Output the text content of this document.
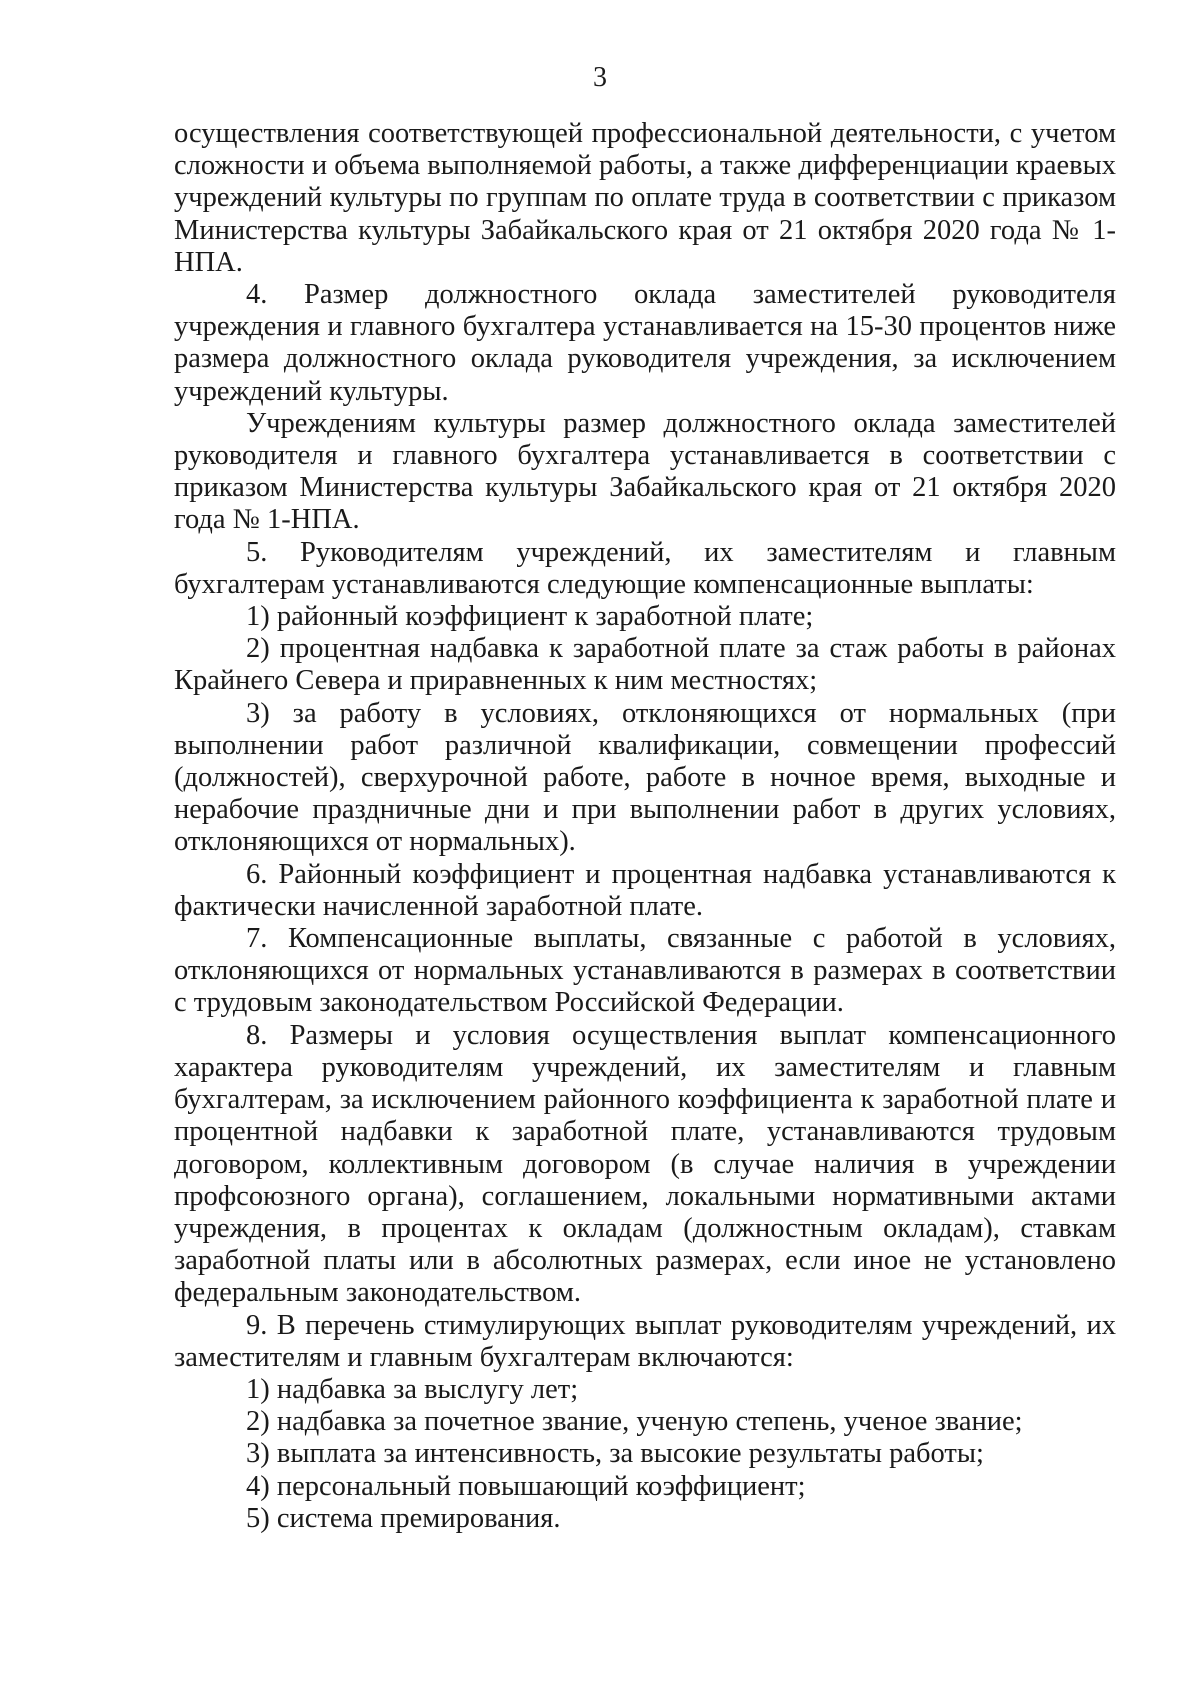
3

осуществления соответствующей профессиональной деятельности, с учетом сложности и объема выполняемой работы, а также дифференциации краевых учреждений культуры по группам по оплате труда в соответствии с приказом Министерства культуры Забайкальского края от 21 октября 2020 года № 1-НПА.

4. Размер должностного оклада заместителей руководителя учреждения и главного бухгалтера устанавливается на 15-30 процентов ниже размера должностного оклада руководителя учреждения, за исключением учреждений культуры.

Учреждениям культуры размер должностного оклада заместителей руководителя и главного бухгалтера устанавливается в соответствии с приказом Министерства культуры Забайкальского края от 21 октября 2020 года № 1-НПА.

5. Руководителям учреждений, их заместителям и главным бухгалтерам устанавливаются следующие компенсационные выплаты:

1) районный коэффициент к заработной плате;

2) процентная надбавка к заработной плате за стаж работы в районах Крайнего Севера и приравненных к ним местностях;

3) за работу в условиях, отклоняющихся от нормальных (при выполнении работ различной квалификации, совмещении профессий (должностей), сверхурочной работе, работе в ночное время, выходные и нерабочие праздничные дни и при выполнении работ в других условиях, отклоняющихся от нормальных).

6. Районный коэффициент и процентная надбавка устанавливаются к фактически начисленной заработной плате.

7. Компенсационные выплаты, связанные с работой в условиях, отклоняющихся от нормальных устанавливаются в размерах в соответствии с трудовым законодательством Российской Федерации.

8. Размеры и условия осуществления выплат компенсационного характера руководителям учреждений, их заместителям и главным бухгалтерам, за исключением районного коэффициента к заработной плате и процентной надбавки к заработной плате, устанавливаются трудовым договором, коллективным договором (в случае наличия в учреждении профсоюзного органа), соглашением, локальными нормативными актами учреждения, в процентах к окладам (должностным окладам), ставкам заработной платы или в абсолютных размерах, если иное не установлено федеральным законодательством.

9. В перечень стимулирующих выплат руководителям учреждений, их заместителям и главным бухгалтерам включаются:

1) надбавка за выслугу лет;

2) надбавка за почетное звание, ученую степень, ученое звание;

3) выплата за интенсивность, за высокие результаты работы;

4) персональный повышающий коэффициент;

5) система премирования.
